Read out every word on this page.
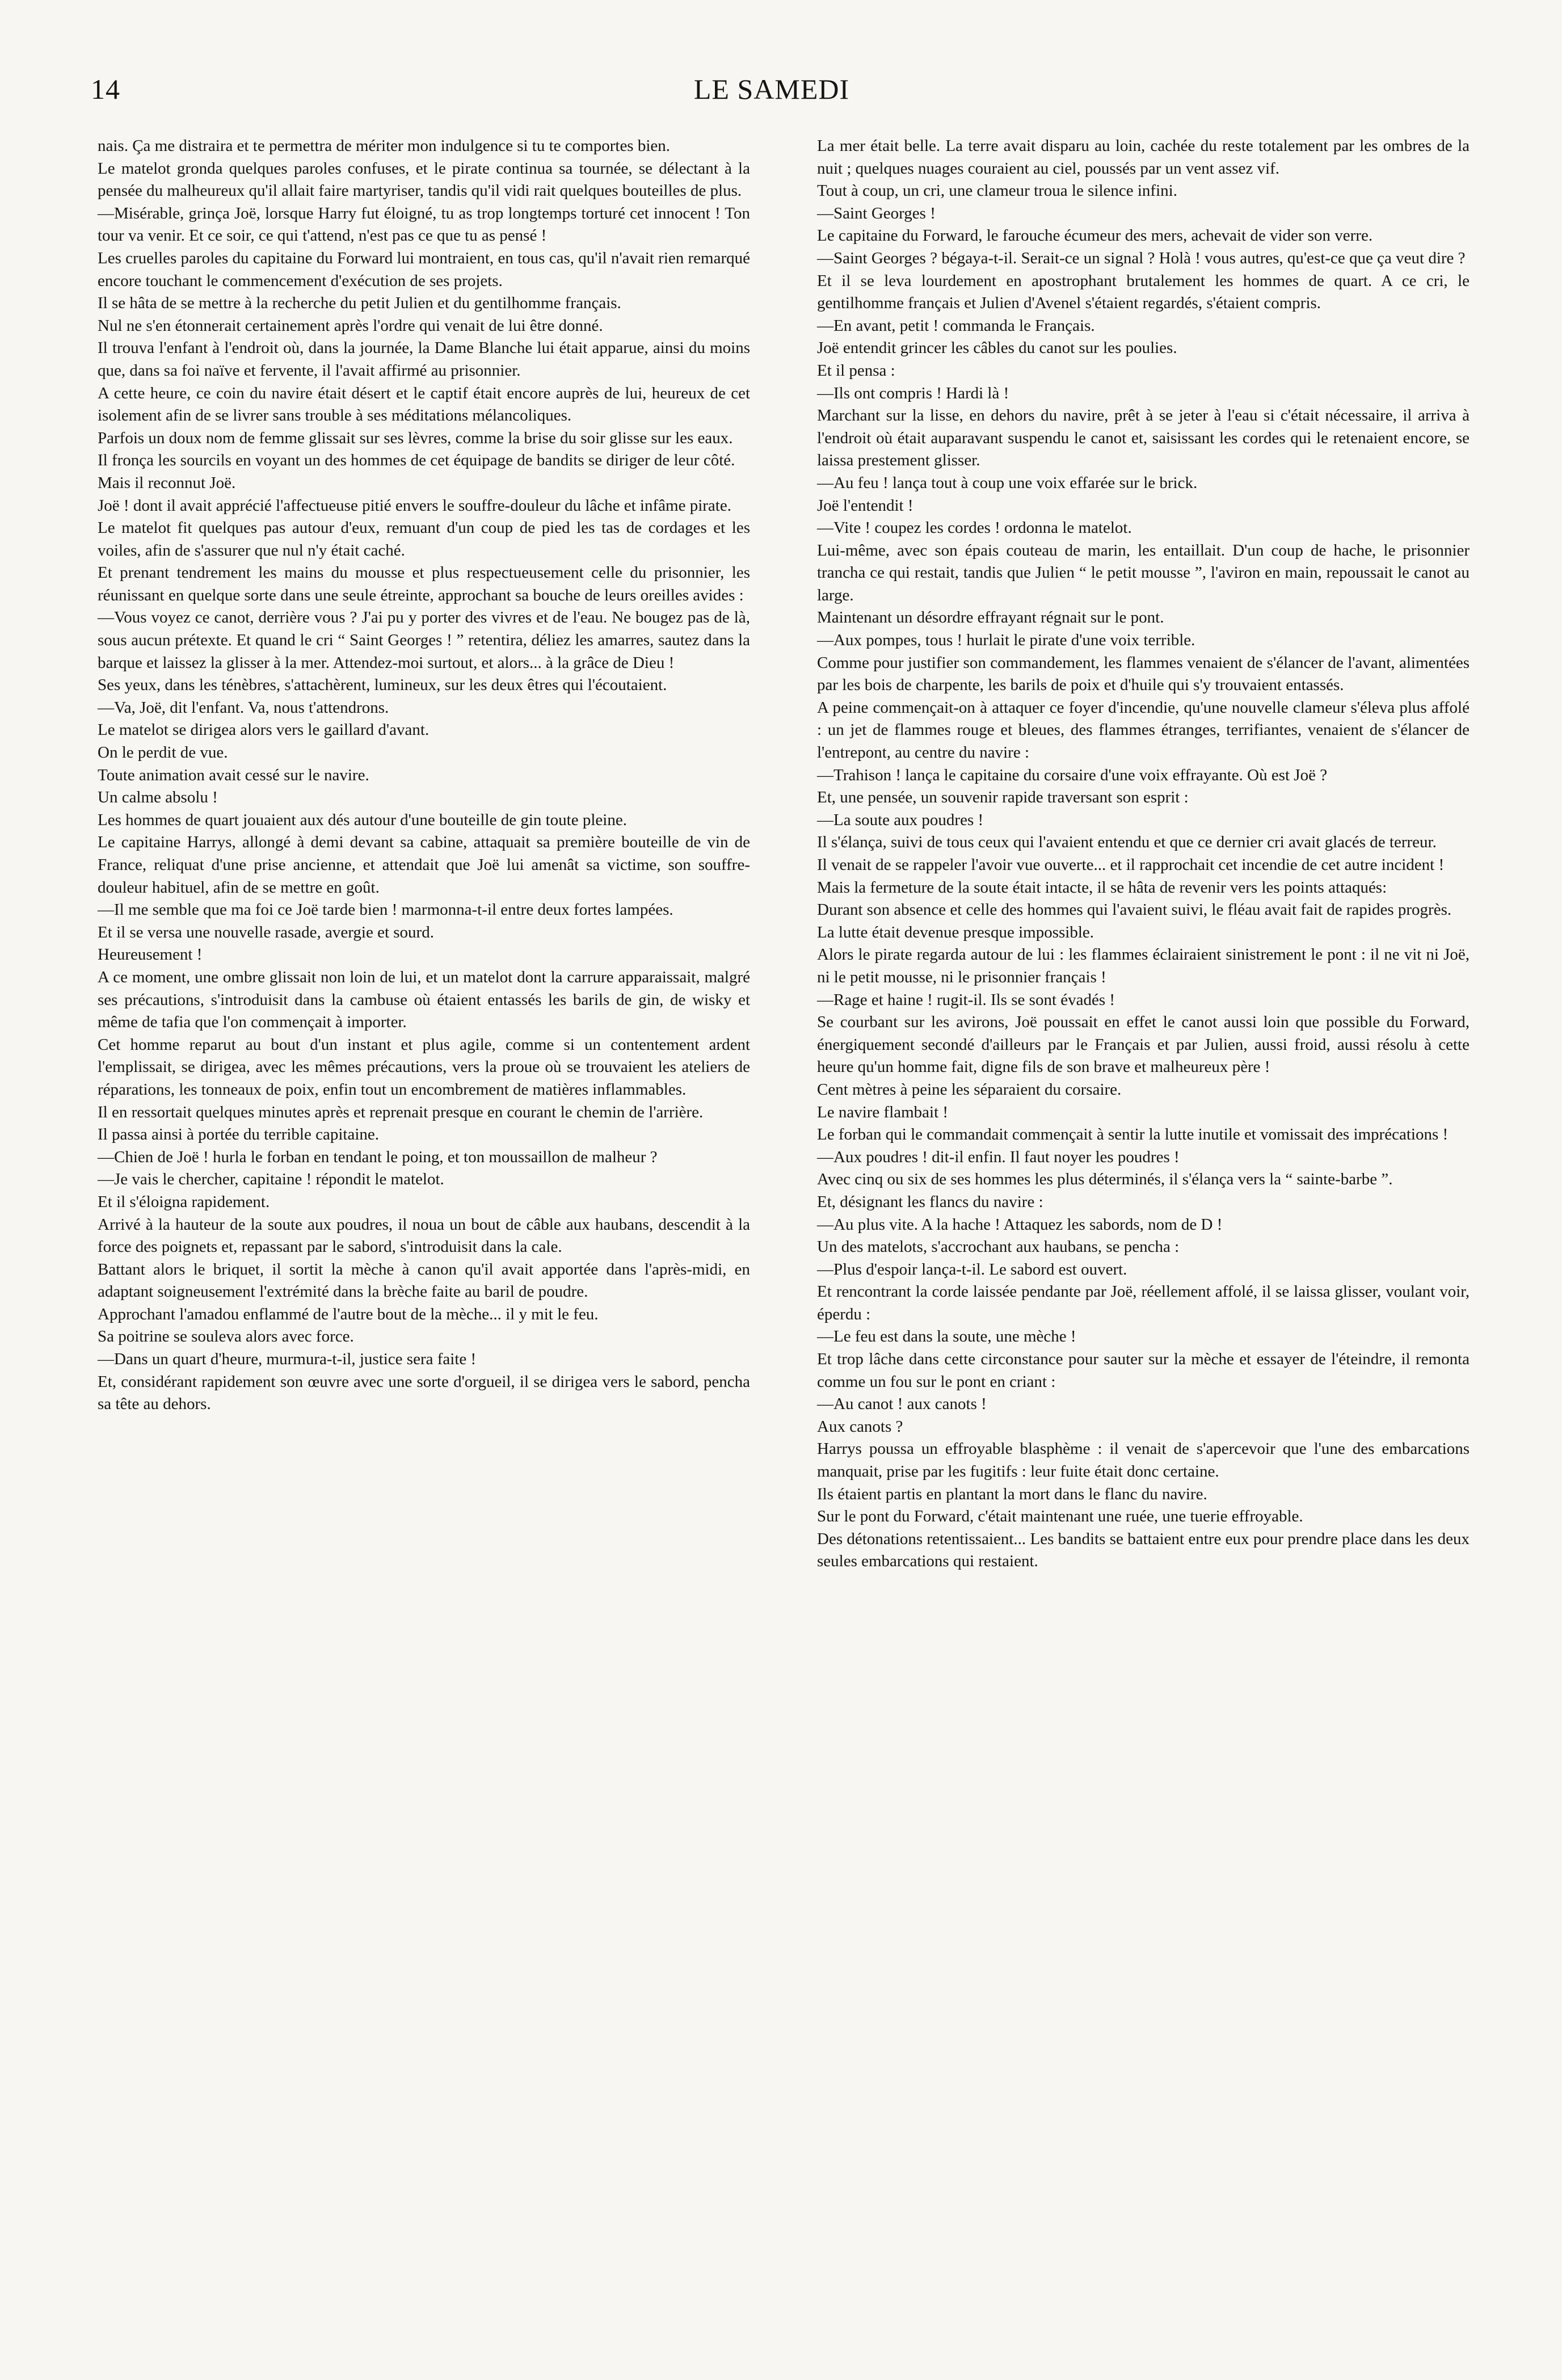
14	LE SAMEDI

nais. Ça me distraira et te permettra de mériter mon indulgence si tu te comportes bien.

Le matelot gronda quelques paroles confuses, et le pirate continua sa tournée, se délectant à la pensée du malheureux qu'il allait faire martyriser, tandis qu'il vidi rait quelques bouteilles de plus.

—Misérable, grinça Joë, lorsque Harry fut éloigné, tu as trop longtemps torturé cet innocent ! Ton tour va venir. Et ce soir, ce qui t'attend, n'est pas ce que tu as pensé !

Les cruelles paroles du capitaine du Forward lui montraient, en tous cas, qu'il n'avait rien remarqué encore touchant le commencement d'exécution de ses projets.

Il se hâta de se mettre à la recherche du petit Julien et du gentilhomme français.

Nul ne s'en étonnerait certainement après l'ordre qui venait de lui être donné.

Il trouva l'enfant à l'endroit où, dans la journée, la Dame Blanche lui était apparue, ainsi du moins que, dans sa foi naïve et fervente, il l'avait affirmé au prisonnier.

A cette heure, ce coin du navire était désert et le captif était encore auprès de lui, heureux de cet isolement afin de se livrer sans trouble à ses méditations mélancoliques.

Parfois un doux nom de femme glissait sur ses lèvres, comme la brise du soir glisse sur les eaux.

Il fronça les sourcils en voyant un des hommes de cet équipage de bandits se diriger de leur côté.

Mais il reconnut Joë.

Joë ! dont il avait apprécié l'affectueuse pitié envers le souffre-douleur du lâche et infâme pirate.

Le matelot fit quelques pas autour d'eux, remuant d'un coup de pied les tas de cordages et les voiles, afin de s'assurer que nul n'y était caché.

Et prenant tendrement les mains du mousse et plus respectueusement celle du prisonnier, les réunissant en quelque sorte dans une seule étreinte, approchant sa bouche de leurs oreilles avides :

—Vous voyez ce canot, derrière vous ? J'ai pu y porter des vivres et de l'eau. Ne bougez pas de là, sous aucun prétexte. Et quand le cri “ Saint Georges ! ” retentira, déliez les amarres, sautez dans la barque et laissez la glisser à la mer. Attendez-moi surtout, et alors... à la grâce de Dieu !

Ses yeux, dans les ténèbres, s'attachèrent, lumineux, sur les deux êtres qui l'écoutaient.

—Va, Joë, dit l'enfant. Va, nous t'attendrons.

Le matelot se dirigea alors vers le gaillard d'avant.

On le perdit de vue.

Toute animation avait cessé sur le navire.

Un calme absolu !

Les hommes de quart jouaient aux dés autour d'une bouteille de gin toute pleine.

Le capitaine Harrys, allongé à demi devant sa cabine, attaquait sa première bouteille de vin de France, reliquat d'une prise ancienne, et attendait que Joë lui amenât sa victime, son souffre-douleur habituel, afin de se mettre en goût.

—Il me semble que ma foi ce Joë tarde bien ! marmonna-t-il entre deux fortes lampées.

Et il se versa une nouvelle rasade, avergie et sourd.

Heureusement !

A ce moment, une ombre glissait non loin de lui, et un matelot dont la carrure apparaissait, malgré ses précautions, s'introduisit dans la cambuse où étaient entassés les barils de gin, de wisky et même de tafia que l'on commençait à importer.

Cet homme reparut au bout d'un instant et plus agile, comme si un contentement ardent l'emplissait, se dirigea, avec les mêmes précautions, vers la proue où se trouvaient les ateliers de réparations, les tonneaux de poix, enfin tout un encombrement de matières inflammables.

Il en ressortait quelques minutes après et reprenait presque en courant le chemin de l'arrière.

Il passa ainsi à portée du terrible capitaine.

—Chien de Joë ! hurla le forban en tendant le poing, et ton moussaillon de malheur ?

—Je vais le chercher, capitaine ! répondit le matelot.

Et il s'éloigna rapidement.

Arrivé à la hauteur de la soute aux poudres, il noua un bout de câble aux haubans, descendit à la force des poignets et, repassant par le sabord, s'introduisit dans la cale.

Battant alors le briquet, il sortit la mèche à canon qu'il avait apportée dans l'après-midi, en adaptant soigneusement l'extrémité dans la brèche faite au baril de poudre.

Approchant l'amadou enflammé de l'autre bout de la mèche... il y mit le feu.

Sa poitrine se souleva alors avec force.

—Dans un quart d'heure, murmura-t-il, justice sera faite !

Et, considérant rapidement son œuvre avec une sorte d'orgueil, il se dirigea vers le sabord, pencha sa tête au dehors.

La mer était belle. La terre avait disparu au loin, cachée du reste totalement par les ombres de la nuit ; quelques nuages couraient au ciel, poussés par un vent assez vif.

Tout à coup, un cri, une clameur troua le silence infini.

—Saint Georges !

Le capitaine du Forward, le farouche écumeur des mers, achevait de vider son verre.

—Saint Georges ? bégaya-t-il. Serait-ce un signal ? Holà ! vous autres, qu'est-ce que ça veut dire ?

Et il se leva lourdement en apostrophant brutalement les hommes de quart. A ce cri, le gentilhomme français et Julien d'Avenel s'étaient regardés, s'étaient compris.

—En avant, petit ! commanda le Français.

Joë entendit grincer les câbles du canot sur les poulies.

Et il pensa :

—Ils ont compris ! Hardi là !

Marchant sur la lisse, en dehors du navire, prêt à se jeter à l'eau si c'était nécessaire, il arriva à l'endroit où était auparavant suspendu le canot et, saisissant les cordes qui le retenaient encore, se laissa prestement glisser.

—Au feu ! lança tout à coup une voix effarée sur le brick.

Joë l'entendit !

—Vite ! coupez les cordes ! ordonna le matelot.

Lui-même, avec son épais couteau de marin, les entaillait. D'un coup de hache, le prisonnier trancha ce qui restait, tandis que Julien “ le petit mousse ”, l'aviron en main, repoussait le canot au large.

Maintenant un désordre effrayant régnait sur le pont.

—Aux pompes, tous ! hurlait le pirate d'une voix terrible.

Comme pour justifier son commandement, les flammes venaient de s'élancer de l'avant, alimentées par les bois de charpente, les barils de poix et d'huile qui s'y trouvaient entassés.

A peine commençait-on à attaquer ce foyer d'incendie, qu'une nouvelle clameur s'éleva plus affolé : un jet de flammes rouge et bleues, des flammes étranges, terrifiantes, venaient de s'élancer de l'entrepont, au centre du navire :

—Trahison ! lança le capitaine du corsaire d'une voix effrayante. Où est Joë ?

Et, une pensée, un souvenir rapide traversant son esprit :

—La soute aux poudres !

Il s'élança, suivi de tous ceux qui l'avaient entendu et que ce dernier cri avait glacés de terreur.

Il venait de se rappeler l'avoir vue ouverte... et il rapprochait cet incendie de cet autre incident !

Mais la fermeture de la soute était intacte, il se hâta de revenir vers les points attaqués:

Durant son absence et celle des hommes qui l'avaient suivi, le fléau avait fait de rapides progrès.

La lutte était devenue presque impossible.

Alors le pirate regarda autour de lui : les flammes éclairaient sinistrement le pont : il ne vit ni Joë, ni le petit mousse, ni le prisonnier français !

—Rage et haine ! rugit-il. Ils se sont évadés !

Se courbant sur les avirons, Joë poussait en effet le canot aussi loin que possible du Forward, énergiquement secondé d'ailleurs par le Français et par Julien, aussi froid, aussi résolu à cette heure qu'un homme fait, digne fils de son brave et malheureux père !

Cent mètres à peine les séparaient du corsaire.

Le navire flambait !

Le forban qui le commandait commençait à sentir la lutte inutile et vomissait des imprécations !

—Aux poudres ! dit-il enfin. Il faut noyer les poudres !

Avec cinq ou six de ses hommes les plus déterminés, il s'élança vers la “ sainte-barbe ”.

Et, désignant les flancs du navire :

—Au plus vite. A la hache ! Attaquez les sabords, nom de D !

Un des matelots, s'accrochant aux haubans, se pencha :

—Plus d'espoir lança-t-il. Le sabord est ouvert.

Et rencontrant la corde laissée pendante par Joë, réellement affolé, il se laissa glisser, voulant voir, éperdu :

—Le feu est dans la soute, une mèche !

Et trop lâche dans cette circonstance pour sauter sur la mèche et essayer de l'éteindre, il remonta comme un fou sur le pont en criant :

—Au canot ! aux canots !

Aux canots ?

Harrys poussa un effroyable blasphème : il venait de s'apercevoir que l'une des embarcations manquait, prise par les fugitifs : leur fuite était donc certaine.

Ils étaient partis en plantant la mort dans le flanc du navire.

Sur le pont du Forward, c'était maintenant une ruée, une tuerie effroyable.

Des détonations retentissaient... Les bandits se battaient entre eux pour prendre place dans les deux seules embarcations qui restaient.
